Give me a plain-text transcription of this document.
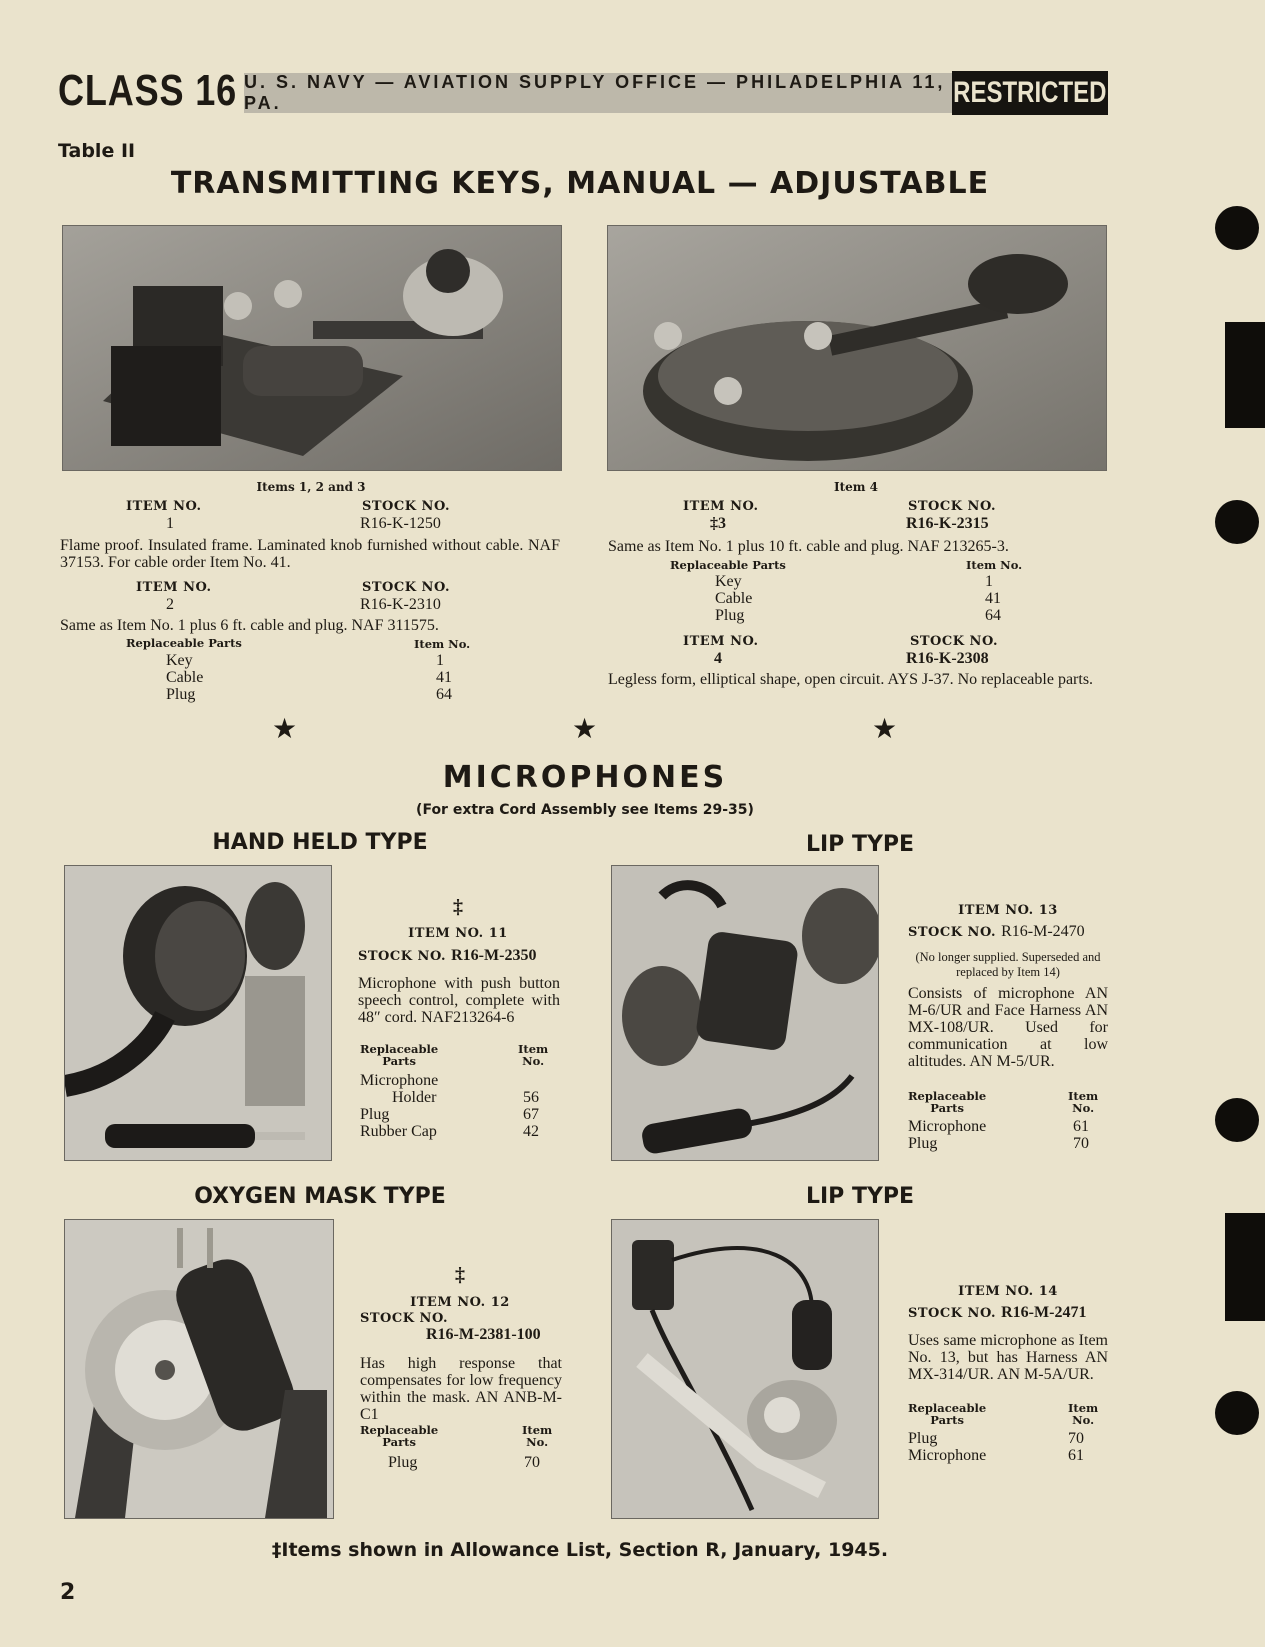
CLASS 16 U. S. NAVY — AVIATION SUPPLY OFFICE — PHILADELPHIA 11, PA.	RESTRICTED
Table II
TRANSMITTING KEYS, MANUAL — ADJUSTABLE
Items 1, 2 and 3
ITEM NO.	STOCK NO.
1	R16-K-1250
Flame proof. Insulated frame. Laminated knob furnished without cable. NAF 37153. For cable order Item No. 41.
ITEM NO.	STOCK NO.
2	R16-K-2310
Same as Item No. 1 plus 6 ft. cable and plug. NAF 311575.
Replaceable Parts	Item No.
Key	1
Cable	41
Plug	64
Item 4
ITEM NO.	STOCK NO.
‡3	R16-K-2315
Same as Item No. 1 plus 10 ft. cable and plug. NAF 213265-3.
Replaceable Parts	Item No.
Key	1
Cable	41
Plug	64
ITEM NO.	STOCK NO.
4	R16-K-2308
Legless form, elliptical shape, open circuit. AYS J-37. No replaceable parts.
★	★	★
MICROPHONES
(For extra Cord Assembly see Items 29-35)
HAND HELD TYPE	LIP TYPE
‡
ITEM NO. 11
STOCK NO. R16-M-2350
Microphone with push button speech control, complete with 48″ cord. NAF213264-6
Replaceable
Parts
Item
No.
Microphone	
Holder	56
Plug	67
Rubber Cap	42
ITEM NO. 13
STOCK NO. R16-M-2470
(No longer supplied. Superseded and replaced by Item 14)
Consists of microphone AN M-6/UR and Face Harness AN MX-108/UR. Used for communication at low altitudes. AN M-5/UR.
Replaceable
Parts
Item
No.
Microphone	61
Plug	70
OXYGEN MASK TYPE	LIP TYPE
‡
ITEM NO. 12
STOCK NO.
R16-M-2381-100
Has high response that compensates for low frequency within the mask. AN ANB-M-C1
Replaceable
Parts
Item
No.
Plug	70
ITEM NO. 14
STOCK NO. R16-M-2471
Uses same microphone as Item No. 13, but has Harness AN MX-314/UR. AN M-5A/UR.
Replaceable
Parts
Item
No.
Plug	70
Microphone	61
‡Items shown in Allowance List, Section R, January, 1945.
2
